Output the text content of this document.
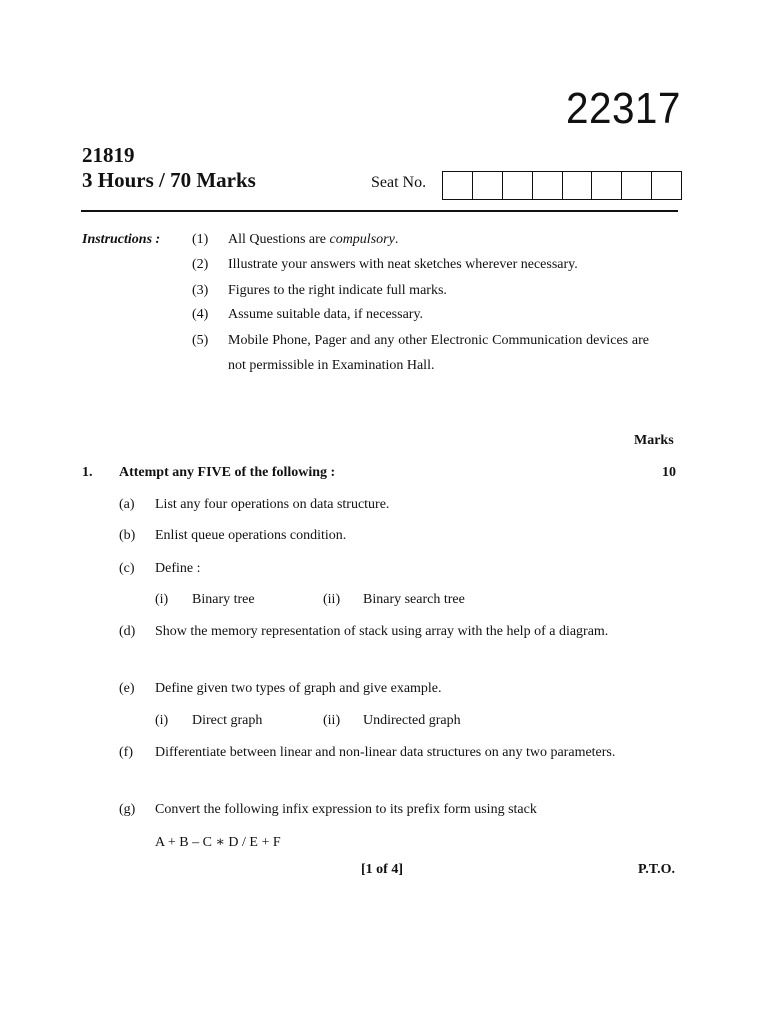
22317
21819
3 Hours / 70 Marks	Seat No.
Instructions : (1) All Questions are compulsory.
(2) Illustrate your answers with neat sketches wherever necessary.
(3) Figures to the right indicate full marks.
(4) Assume suitable data, if necessary.
(5) Mobile Phone, Pager and any other Electronic Communication devices are not permissible in Examination Hall.
Marks
1. Attempt any FIVE of the following :	10
(a) List any four operations on data structure.
(b) Enlist queue operations condition.
(c) Define :
(i) Binary tree	(ii) Binary search tree
(d) Show the memory representation of stack using array with the help of a diagram.
(e) Define given two types of graph and give example.
(i) Direct graph	(ii) Undirected graph
(f) Differentiate between linear and non-linear data structures on any two parameters.
(g) Convert the following infix expression to its prefix form using stack
A + B – C ∗ D / E + F
[1 of 4]	P.T.O.
